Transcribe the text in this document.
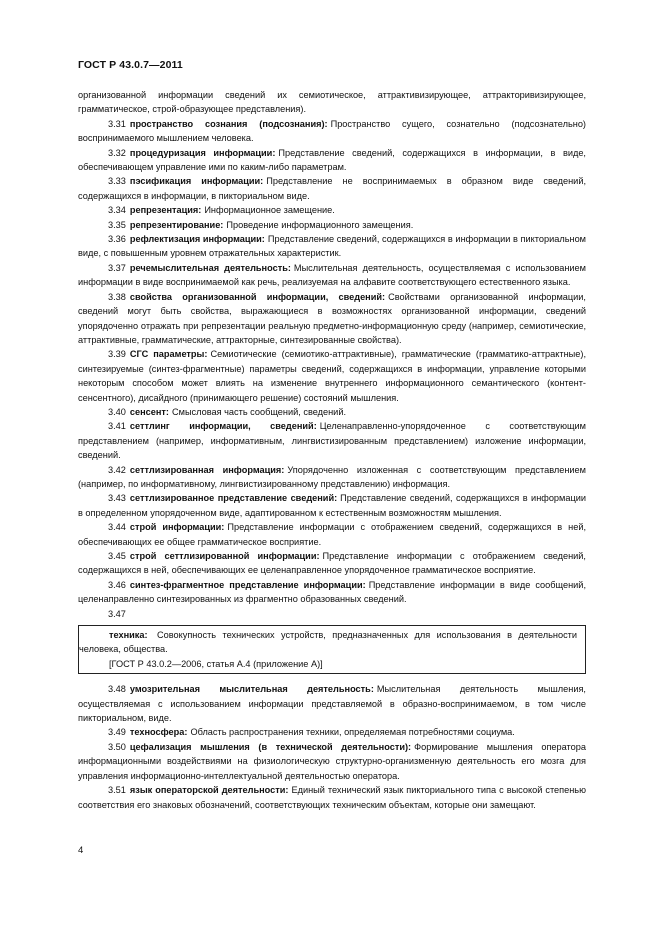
ГОСТ Р 43.0.7—2011

организованной информации сведений их семиотическое, аттрактивизирующее, аттракторивизирующее, грамматическое, строй-образующее представления).

3.31 пространство сознания (подсознания): Пространство сущего, сознательно (подсознательно) воспринимаемого мышлением человека.

3.32 процедуризация информации: Представление сведений, содержащихся в информации, в виде, обеспечивающем управление ими по каким-либо параметрам.

3.33 пэсификация информации: Представление не воспринимаемых в образном виде сведений, содержащихся в информации, в пикториальном виде.

3.34 репрезентация: Информационное замещение.

3.35 репрезентирование: Проведение информационного замещения.

3.36 рефлектизация информации: Представление сведений, содержащихся в информации в пикториальном виде, с повышенным уровнем отражательных характеристик.

3.37 речемыслительная деятельность: Мыслительная деятельность, осуществляемая с использованием информации в виде воспринимаемой как речь, реализуемая на алфавите соответствующего естественного языка.

3.38 свойства организованной информации, сведений: Свойствами организованной информации, сведений могут быть свойства, выражающиеся в возможностях организованной информации, сведений упорядоченно отражать при репрезентации реальную предметно-информационную среду (например, семиотические, аттрактивные, грамматические, аттракторные, синтезированные свойства).

3.39 СГС параметры: Семиотические (семиотико-аттрактивные), грамматические (грамматико-аттрактные), синтезируемые (синтез-фрагментные) параметры сведений, содержащихся в информации, управление которыми некоторым способом может влиять на изменение внутреннего информационного семантического (контент-сенсентного), дисайдного (принимающего решение) состояний мышления.

3.40 сенсент: Смысловая часть сообщений, сведений.

3.41 сеттлинг информации, сведений: Целенаправленно-упорядоченное с соответствующим представлением (например, информативным, лингвистизированным представлением) изложение информации, сведений.

3.42 сеттлизированная информация: Упорядоченно изложенная с соответствующим представлением (например, по информативному, лингвистизированному представлению) информация.

3.43 сеттлизированное представление сведений: Представление сведений, содержащихся в информации в определенном упорядоченном виде, адаптированном к естественным возможностям мышления.

3.44 строй информации: Представление информации с отображением сведений, содержащихся в ней, обеспечивающих ее общее грамматическое восприятие.

3.45 строй сеттлизированной информации: Представление информации с отображением сведений, содержащихся в ней, обеспечивающих ее целенаправленное упорядоченное грамматическое восприятие.

3.46 синтез-фрагментное представление информации: Представление информации в виде сообщений, целенаправленно синтезированных из фрагментно образованных сведений.

3.47

техника: Совокупность технических устройств, предназначенных для использования в деятельности человека, общества.

[ГОСТ Р 43.0.2—2006, статья А.4 (приложение А)]

3.48 умозрительная мыслительная деятельность: Мыслительная деятельность мышления, осуществляемая с использованием информации представляемой в образно-воспринимаемом, в том числе пикториальном, виде.

3.49 техносфера: Область распространения техники, определяемая потребностями социума.

3.50 цефализация мышления (в технической деятельности): Формирование мышления оператора информационными воздействиями на физиологическую структурно-организменную деятельность его мозга для управления информационно-интеллектуальной деятельностью оператора.

3.51 язык операторской деятельности: Единый технический язык пикториального типа с высокой степенью соответствия его знаковых обозначений, соответствующих техническим объектам, которые они замещают.

4
